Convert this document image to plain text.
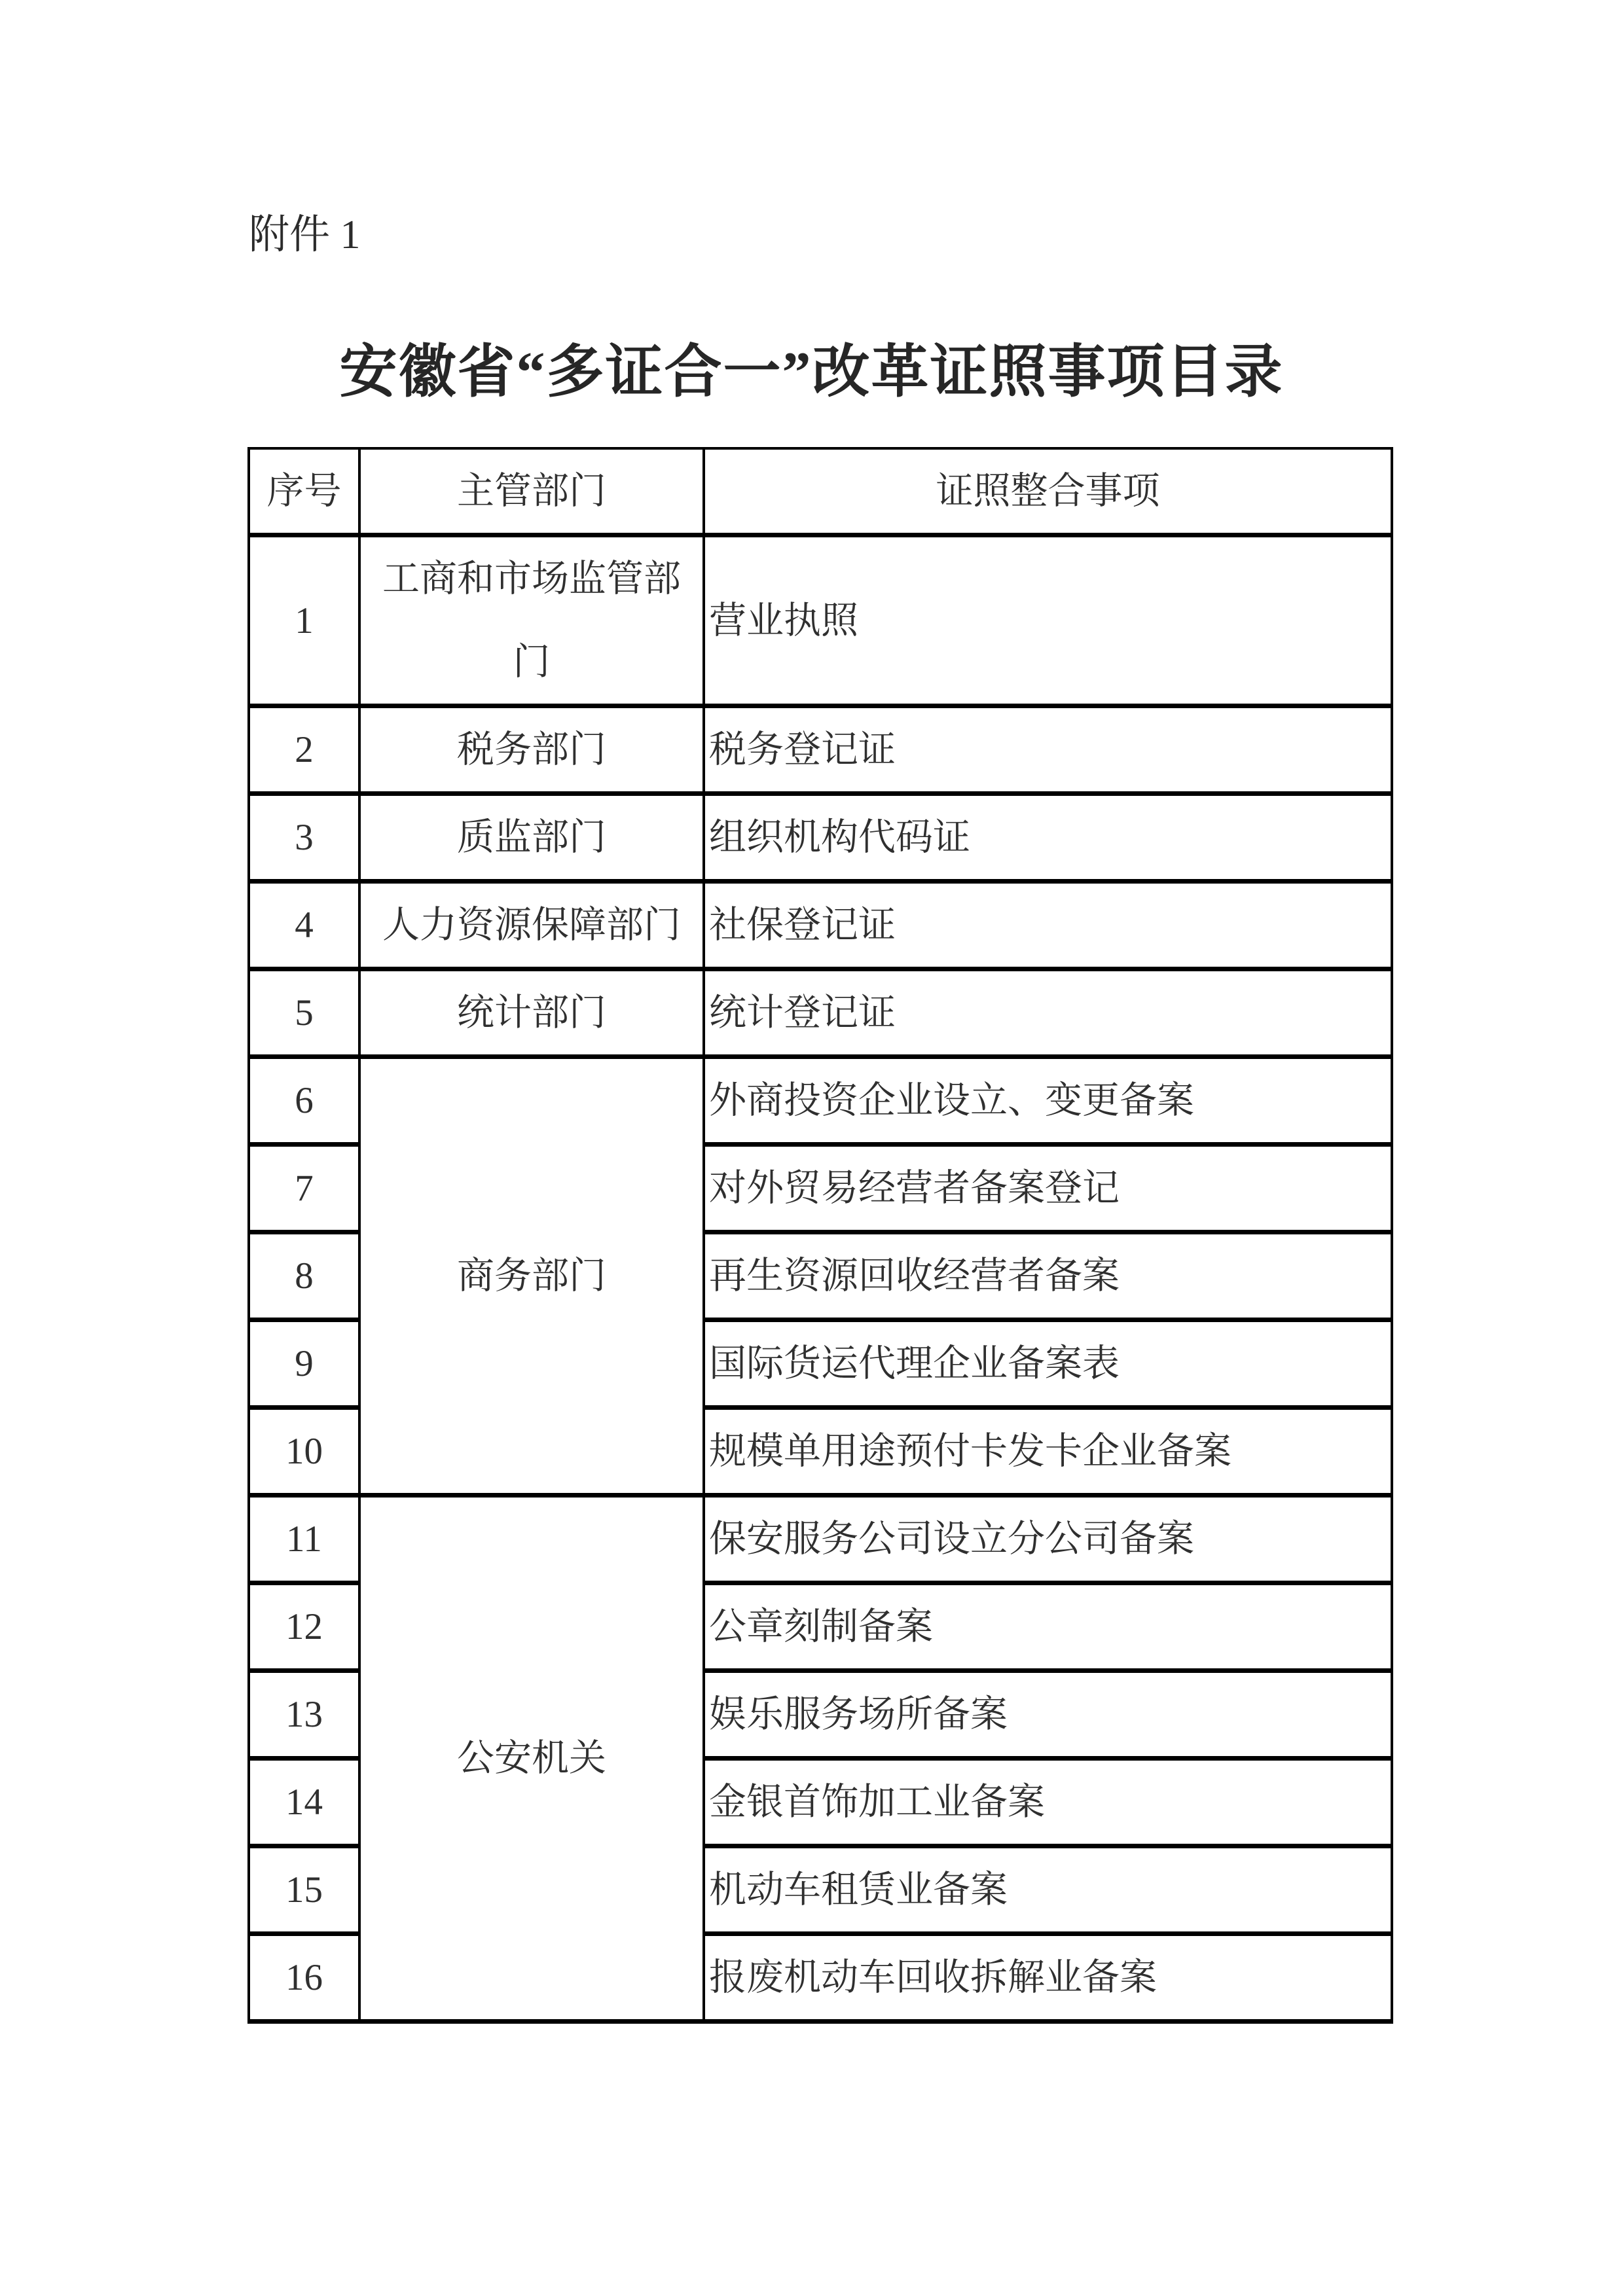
附件 1
安徽省“多证合一”改革证照事项目录
序号	主管部门	证照整合事项
1	工商和市场监管部门	营业执照
2	税务部门	税务登记证
3	质监部门	组织机构代码证
4	人力资源保障部门	社保登记证
5	统计部门	统计登记证
6	商务部门	外商投资企业设立、变更备案
7		对外贸易经营者备案登记
8		再生资源回收经营者备案
9		国际货运代理企业备案表
10		规模单用途预付卡发卡企业备案
11	公安机关	保安服务公司设立分公司备案
12		公章刻制备案
13		娱乐服务场所备案
14		金银首饰加工业备案
15		机动车租赁业备案
16		报废机动车回收拆解业备案
